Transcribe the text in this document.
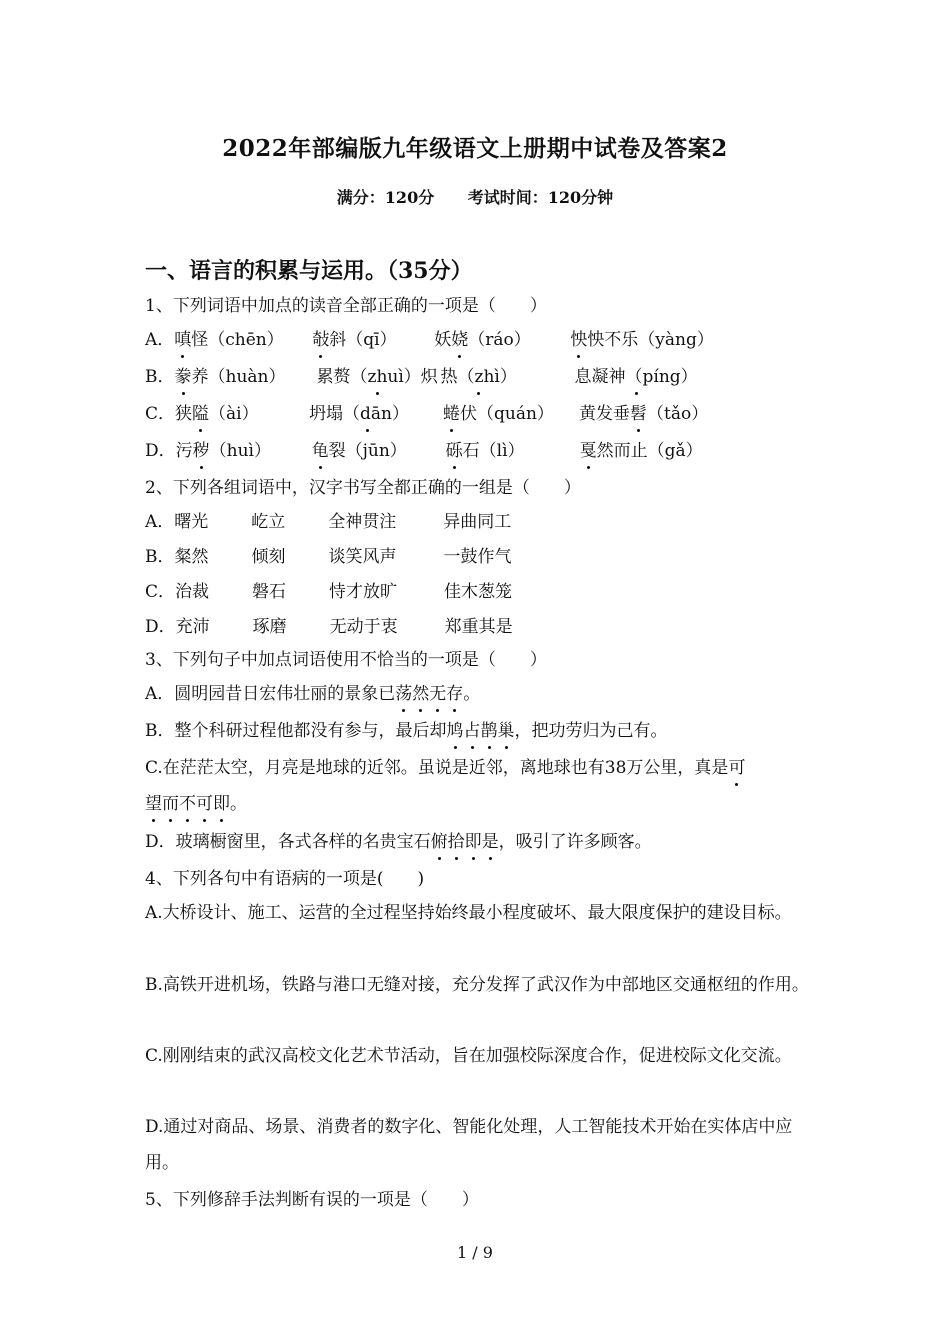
2022年部编版九年级语文上册期中试卷及答案2
满分：120分 考试时间：120分钟
一、语言的积累与运用。（35分）
1、下列词语中加点的读音全部正确的一项是（　　）
A．嗔怪（chēn） 敧斜（qī） 妖娆（ráo） 怏怏不乐（yàng）
B．豢养（huàn） 累赘（zhuì）炽 热（zhì）	息凝神（píng）
C．狭隘（ài）	坍塌（dān） 蜷伏（quán） 黄发垂髫（tǎo）
D．污秽（huì） 龟裂（jūn） 砾石（lì）	戛然而止（gǎ）
2、下列各组词语中，汉字书写全都正确的一组是（　　）
A．曙光	屹立	全神贯注	异曲同工
B．粲然	倾刻	谈笑风声	一鼓作气
C．治裁	磐石	恃才放旷	佳木葱笼
D．充沛	琢磨	无动于衷	郑重其是
3、下列句子中加点词语使用不恰当的一项是（　　）
A．圆明园昔日宏伟壮丽的景象已荡然无存。
B．整个科研过程他都没有参与，最后却鸠占鹊巢，把功劳归为己有。
C.在茫茫太空，月亮是地球的近邻。虽说是近邻，离地球也有38万公里，真是可
望而不可即。
D．玻璃橱窗里，各式各样的名贵宝石俯拾即是，吸引了许多顾客。
4、下列各句中有语病的一项是(　　)
A.大桥设计、施工、运营的全过程坚持始终最小程度破坏、最大限度保护的建设目标。
B.高铁开进机场，铁路与港口无缝对接，充分发挥了武汉作为中部地区交通枢纽的作用。
C.刚刚结束的武汉高校文化艺术节活动，旨在加强校际深度合作，促进校际文化交流。
D.通过对商品、场景、消费者的数字化、智能化处理，人工智能技术开始在实体店中应用。
5、下列修辞手法判断有误的一项是（　　）
1 / 9
